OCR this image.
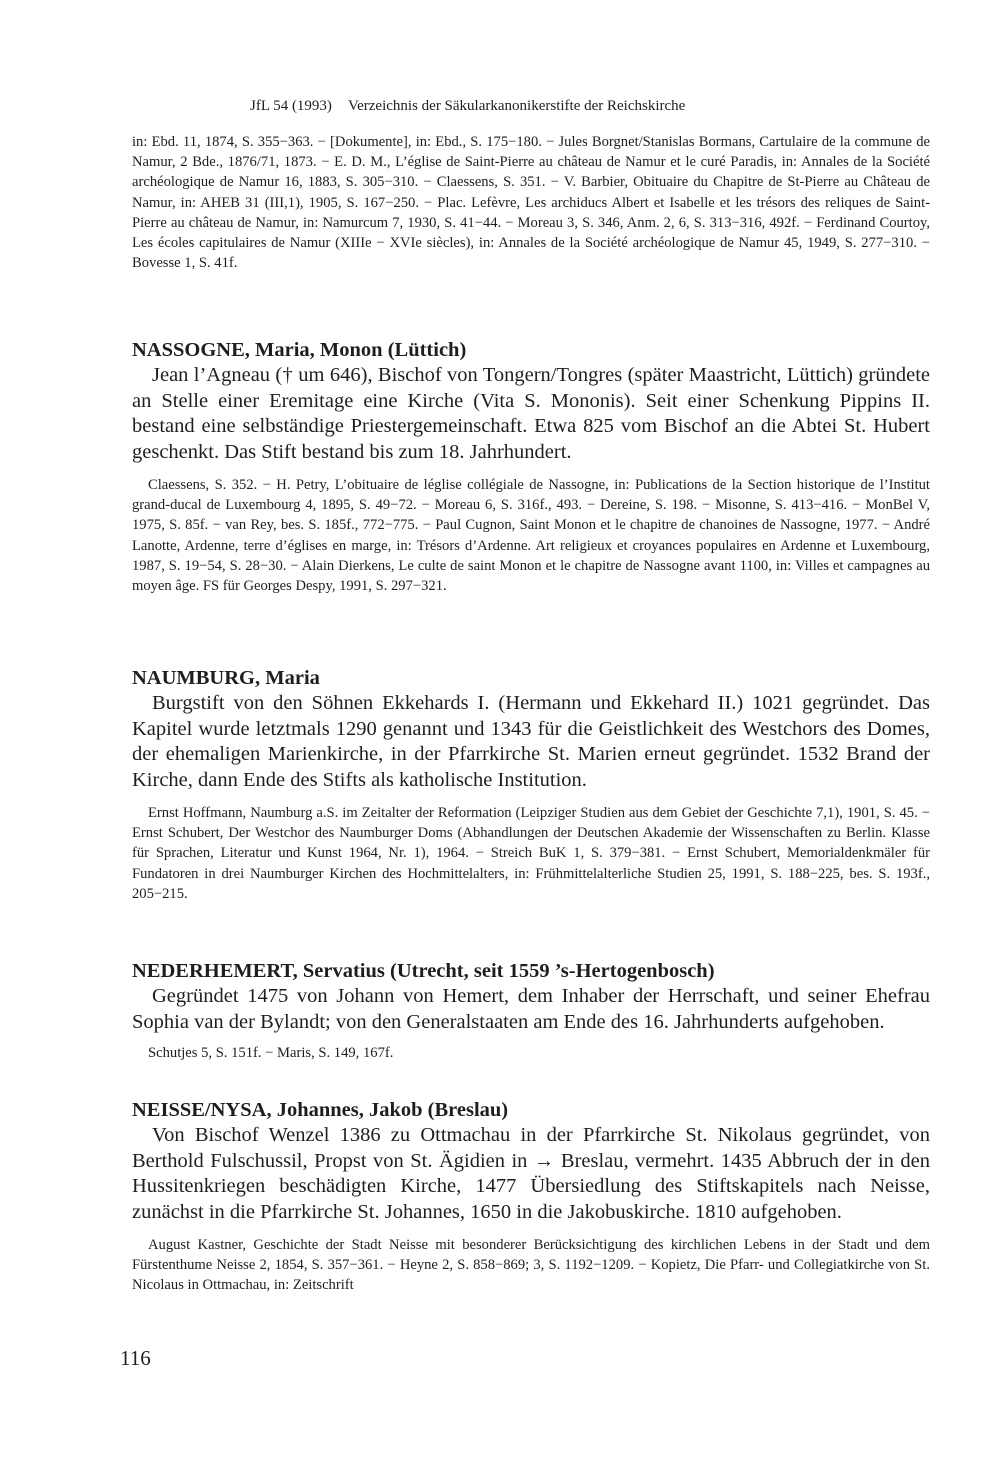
JfL 54 (1993) Verzeichnis der Säkularkanonikerstifte der Reichskirche

in: Ebd. 11, 1874, S. 355−363. − [Dokumente], in: Ebd., S. 175−180. − Jules Borgnet/Stanislas Bormans, Cartulaire de la commune de Namur, 2 Bde., 1876/71, 1873. − E. D. M., L’église de Saint-Pierre au château de Namur et le curé Paradis, in: Annales de la Société archéologique de Namur 16, 1883, S. 305−310. − Claessens, S. 351. − V. Barbier, Obituaire du Chapitre de St-Pierre au Château de Namur, in: AHEB 31 (III,1), 1905, S. 167−250. − Plac. Lefèvre, Les archiducs Albert et Isabelle et les trésors des reliques de Saint-Pierre au château de Namur, in: Namurcum 7, 1930, S. 41−44. − Moreau 3, S. 346, Anm. 2, 6, S. 313−316, 492f. − Ferdinand Courtoy, Les écoles capitulaires de Namur (XIIIe − XVIe siècles), in: Annales de la Société archéologique de Namur 45, 1949, S. 277−310. − Bovesse 1, S. 41f.

NASSOGNE, Maria, Monon (Lüttich)

Jean l’Agneau († um 646), Bischof von Tongern/Tongres (später Maastricht, Lüttich) gründete an Stelle einer Eremitage eine Kirche (Vita S. Mononis). Seit einer Schenkung Pippins II. bestand eine selbständige Priestergemeinschaft. Etwa 825 vom Bischof an die Abtei St. Hubert geschenkt. Das Stift bestand bis zum 18. Jahrhundert.

Claessens, S. 352. − H. Petry, L’obituaire de léglise collégiale de Nassogne, in: Publications de la Section historique de l’Institut grand-ducal de Luxembourg 4, 1895, S. 49−72. − Moreau 6, S. 316f., 493. − Dereine, S. 198. − Misonne, S. 413−416. − MonBel V, 1975, S. 85f. − van Rey, bes. S. 185f., 772−775. − Paul Cugnon, Saint Monon et le chapitre de chanoines de Nassogne, 1977. − André Lanotte, Ardenne, terre d’églises en marge, in: Trésors d’Ardenne. Art religieux et croyances populaires en Ardenne et Luxembourg, 1987, S. 19−54, S. 28−30. − Alain Dierkens, Le culte de saint Monon et le chapitre de Nassogne avant 1100, in: Villes et campagnes au moyen âge. FS für Georges Despy, 1991, S. 297−321.

NAUMBURG, Maria

Burgstift von den Söhnen Ekkehards I. (Hermann und Ekkehard II.) 1021 gegründet. Das Kapitel wurde letztmals 1290 genannt und 1343 für die Geistlichkeit des Westchors des Domes, der ehemaligen Marienkirche, in der Pfarrkirche St. Marien erneut gegründet. 1532 Brand der Kirche, dann Ende des Stifts als katholische Institution.

Ernst Hoffmann, Naumburg a.S. im Zeitalter der Reformation (Leipziger Studien aus dem Gebiet der Geschichte 7,1), 1901, S. 45. − Ernst Schubert, Der Westchor des Naumburger Doms (Abhandlungen der Deutschen Akademie der Wissenschaften zu Berlin. Klasse für Sprachen, Literatur und Kunst 1964, Nr. 1), 1964. − Streich BuK 1, S. 379−381. − Ernst Schubert, Memorialdenkmäler für Fundatoren in drei Naumburger Kirchen des Hochmittelalters, in: Frühmittelalterliche Studien 25, 1991, S. 188−225, bes. S. 193f., 205−215.

NEDERHEMERT, Servatius (Utrecht, seit 1559 ’s-Hertogenbosch)

Gegründet 1475 von Johann von Hemert, dem Inhaber der Herrschaft, und seiner Ehefrau Sophia van der Bylandt; von den Generalstaaten am Ende des 16. Jahrhunderts aufgehoben.

Schutjes 5, S. 151f. − Maris, S. 149, 167f.

NEISSE/NYSA, Johannes, Jakob (Breslau)

Von Bischof Wenzel 1386 zu Ottmachau in der Pfarrkirche St. Nikolaus gegründet, von Berthold Fulschussil, Propst von St. Ägidien in → Breslau, vermehrt. 1435 Abbruch der in den Hussitenkriegen beschädigten Kirche, 1477 Übersiedlung des Stiftskapitels nach Neisse, zunächst in die Pfarrkirche St. Johannes, 1650 in die Jakobuskirche. 1810 aufgehoben.

August Kastner, Geschichte der Stadt Neisse mit besonderer Berücksichtigung des kirchlichen Lebens in der Stadt und dem Fürstenthume Neisse 2, 1854, S. 357−361. − Heyne 2, S. 858−869; 3, S. 1192−1209. − Kopietz, Die Pfarr- und Collegiatkirche von St. Nicolaus in Ottmachau, in: Zeitschrift

116
